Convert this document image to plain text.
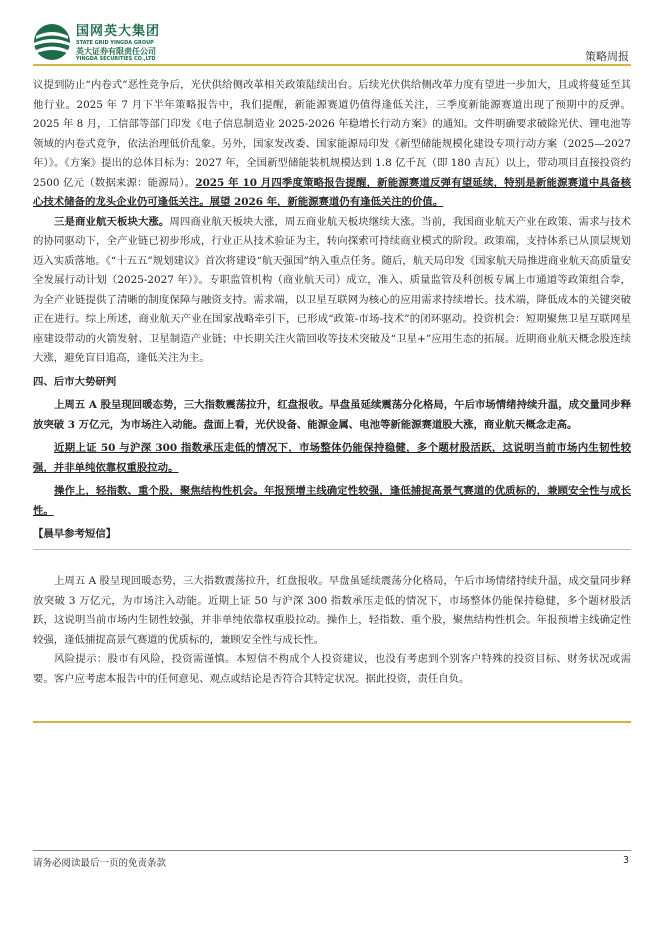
国网英大集团
STATE GRID YINGDA GROUP
英大证券有限责任公司
YINGDA SECURITIES CO.,LTD	策略周报

议提到防止“内卷式”恶性竞争后，光伏供给侧改革相关政策陆续出台。后续光伏供给侧改革力度有望进一步加大，且或将蔓延至其他行业。2025 年 7 月下半年策略报告中，我们提醒，新能源赛道仍值得逢低关注，三季度新能源赛道出现了预期中的反弹。2025 年 8 月，工信部等部门印发《电子信息制造业 2025-2026 年稳增长行动方案》的通知。文件明确要求破除光伏、锂电池等领域的内卷式竞争，依法治理低价乱象。另外，国家发改委、国家能源局印发《新型储能规模化建设专项行动方案（2025—2027 年）》。《方案》提出的总体目标为：2027 年，全国新型储能装机规模达到 1.8 亿千瓦（即 180 吉瓦）以上，带动项目直接投资约 2500 亿元（数据来源：能源局）。2025 年 10 月四季度策略报告提醒，新能源赛道反弹有望延续，特别是新能源赛道中具备核心技术储备的龙头企业仍可逢低关注。展望 2026 年，新能源赛道仍有逢低关注的价值。

三是商业航天板块大涨。周四商业航天板块大涨，周五商业航天板块继续大涨。当前，我国商业航天产业在政策、需求与技术的协同驱动下，全产业链已初步形成，行业正从技术验证为主，转向探索可持续商业模式的阶段。政策端，支持体系已从顶层规划迈入实质落地。《“十五五”规划建议》首次将建设“航天强国”纳入重点任务。随后，航天局印发《国家航天局推进商业航天高质量安全发展行动计划（2025-2027 年）》。专职监管机构（商业航天司）成立，准入、质量监管及科创板专属上市通道等政策组合拳，为全产业链提供了清晰的制度保障与融资支持。需求端，以卫星互联网为核心的应用需求持续增长。技术端，降低成本的关键突破正在进行。综上所述，商业航天产业在国家战略牵引下，已形成“政策-市场-技术”的闭环驱动。投资机会：短期聚焦卫星互联网星座建设带动的火箭发射、卫星制造产业链；中长期关注火箭回收等技术突破及“卫星+”应用生态的拓展。近期商业航天概念股连续大涨，避免盲目追高，逢低关注为主。

四、后市大势研判

上周五 A 股呈现回暖态势，三大指数震荡拉升，红盘报收。早盘虽延续震荡分化格局，午后市场情绪持续升温，成交量同步释放突破 3 万亿元，为市场注入动能。盘面上看，光伏设备、能源金属、电池等新能源赛道股大涨，商业航天概念走高。

近期上证 50 与沪深 300 指数承压走低的情况下，市场整体仍能保持稳健，多个题材股活跃，这说明当前市场内生韧性较强，并非单纯依靠权重股拉动。

操作上，轻指数、重个股，聚焦结构性机会。年报预增主线确定性较强，逢低捕捉高景气赛道的优质标的，兼顾安全性与成长性。

【晨早参考短信】

上周五 A 股呈现回暖态势，三大指数震荡拉升，红盘报收。早盘虽延续震荡分化格局，午后市场情绪持续升温，成交量同步释放突破 3 万亿元，为市场注入动能。近期上证 50 与沪深 300 指数承压走低的情况下，市场整体仍能保持稳健，多个题材股活跃，这说明当前市场内生韧性较强，并非单纯依靠权重股拉动。操作上，轻指数、重个股，聚焦结构性机会。年报预增主线确定性较强，逢低捕捉高景气赛道的优质标的，兼顾安全性与成长性。

风险提示：股市有风险，投资需谨慎。本短信不构成个人投资建议，也没有考虑到个别客户特殊的投资目标、财务状况或需要。客户应考虑本报告中的任何意见、观点或结论是否符合其特定状况。据此投资，责任自负。

请务必阅读最后一页的免责条款	3
